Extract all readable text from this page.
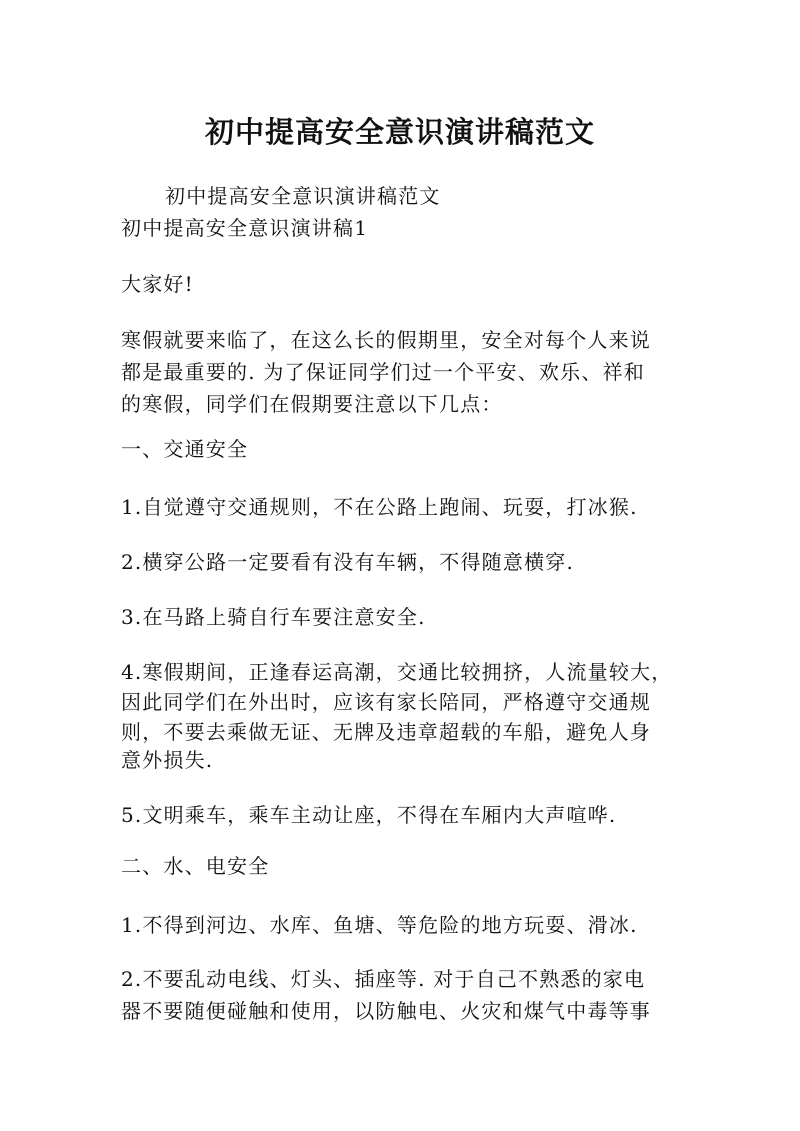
初中提高安全意识演讲稿范文
初中提高安全意识演讲稿范文
初中提高安全意识演讲稿1
大家好!
寒假就要来临了，在这么长的假期里，安全对每个人来说
都是最重要的. 为了保证同学们过一个平安、欢乐、祥和
的寒假，同学们在假期要注意以下几点：
一、交通安全
1.自觉遵守交通规则，不在公路上跑闹、玩耍，打冰猴.
2.横穿公路一定要看有没有车辆，不得随意横穿.
3.在马路上骑自行车要注意安全.
4.寒假期间，正逢春运高潮，交通比较拥挤，人流量较大，
因此同学们在外出时，应该有家长陪同，严格遵守交通规
则，不要去乘做无证、无牌及违章超载的车船，避免人身
意外损失.
5.文明乘车，乘车主动让座，不得在车厢内大声喧哗.
二、水、电安全
1.不得到河边、水库、鱼塘、等危险的地方玩耍、滑冰.
2.不要乱动电线、灯头、插座等. 对于自己不熟悉的家电
器不要随便碰触和使用，以防触电、火灾和煤气中毒等事
